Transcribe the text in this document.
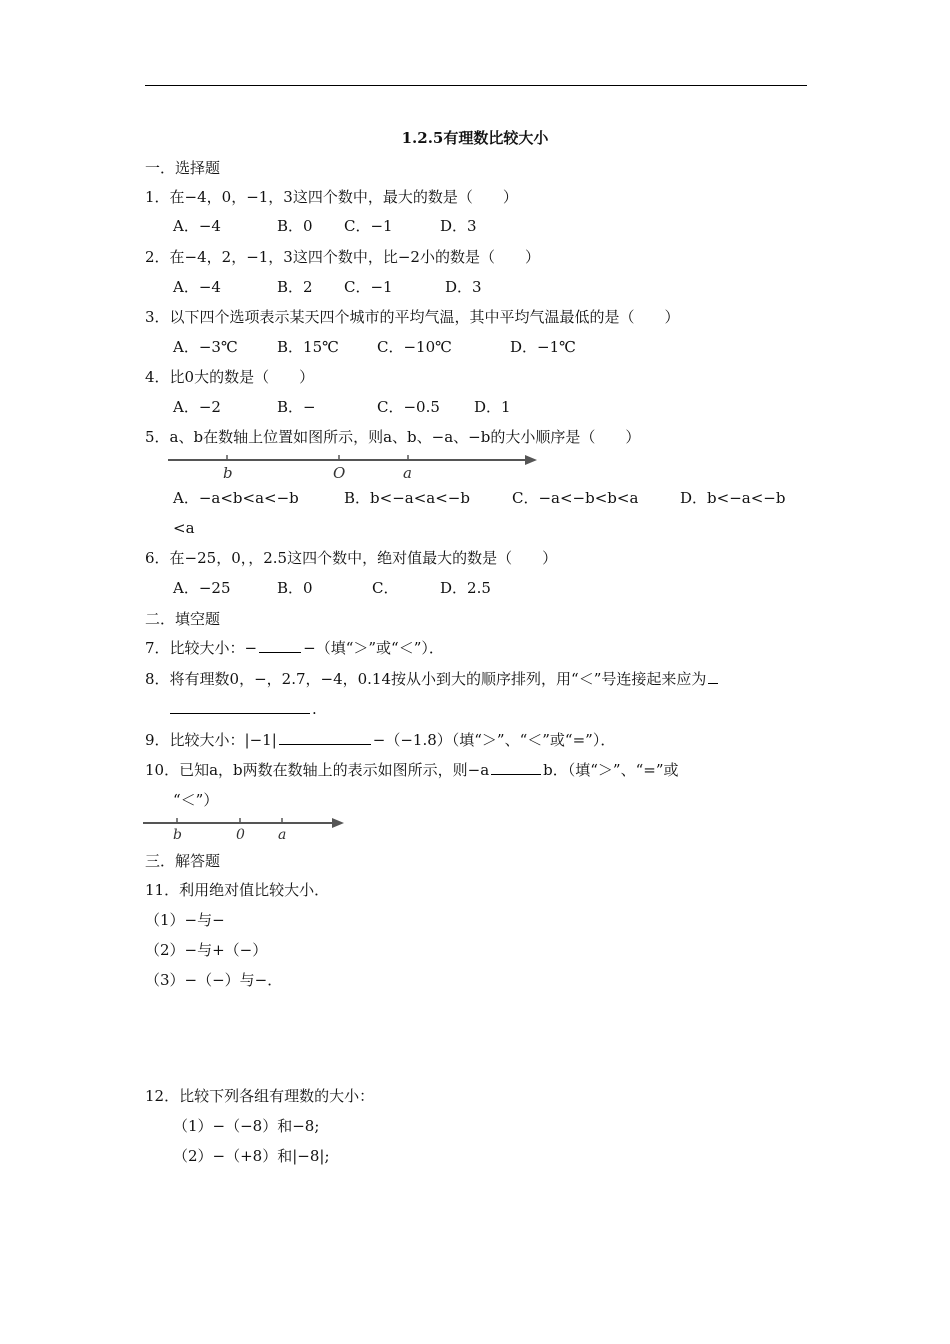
1.2.5有理数比较大小
一．选择题
1．在−4，0，−1，3这四个数中，最大的数是（　　）
A．−4	B．0 C．−1	D．3
2．在−4，2，−1，3这四个数中，比−2小的数是（　　）
A．−4	B．2 C．−1	D．3
3．以下四个选项表示某天四个城市的平均气温，其中平均气温最低的是（　　）
A．−3℃	B．15℃	C．−10℃	D．−1℃
4．比0大的数是（　　）
A．−2	B．−	C．−0.5 D．1
5．a、b在数轴上位置如图所示，则a、b、−a、−b的大小顺序是（　　）
b	O	a
A．−a<b<a<−b	B．b<−a<a<−b	C．−a<−b<b<a	D．b<−a<−b
<a
6．在−25，0，，2.5这四个数中，绝对值最大的数是（　　）
A．−25	B．0	C．	D．2.5
二．填空题
7．比较大小：−	−（填“＞”或“＜”）．
8．将有理数0，−，2.7，−4，0.14按从小到大的顺序排列，用“＜”号连接起来应为
.
9．比较大小：|−1|	−（−1.8）（填“＞”、“＜”或“=”）．
10．已知a，b两数在数轴上的表示如图所示，则−a	b．（填“＞”、“=”或
“＜”）
b	0 a
三．解答题
11．利用绝对值比较大小．
（1）−与−
（2）−与+（−）
（3）−（−）与−．
12．比较下列各组有理数的大小：
（1）−（−8）和−8;
（2）−（+8）和|−8|;
